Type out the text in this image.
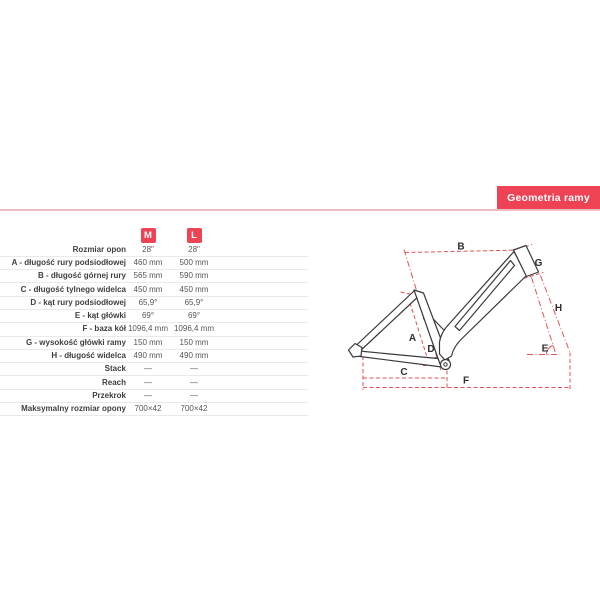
Geometria ramy
M	L
Rozmiar opon	28"	28"
A - długość rury podsiodłowej 460 mm	500 mm
B - długość górnej rury 565 mm	590 mm
C - długość tylnego widelca 450 mm	450 mm
D - kąt rury podsiodłowej	65,9°	65,9°
E - kąt główki	69°	69°
F - baza kół 1096,4 mm 1096,4 mm
G - wysokość główki ramy 150 mm	150 mm
H - długość widelca 490 mm	490 mm
Stack	—	—
Reach	—	—
Przekrok	—	—
Maksymalny rozmiar opony	700×42	700×42
B
A
D
C
F
E
G
H
